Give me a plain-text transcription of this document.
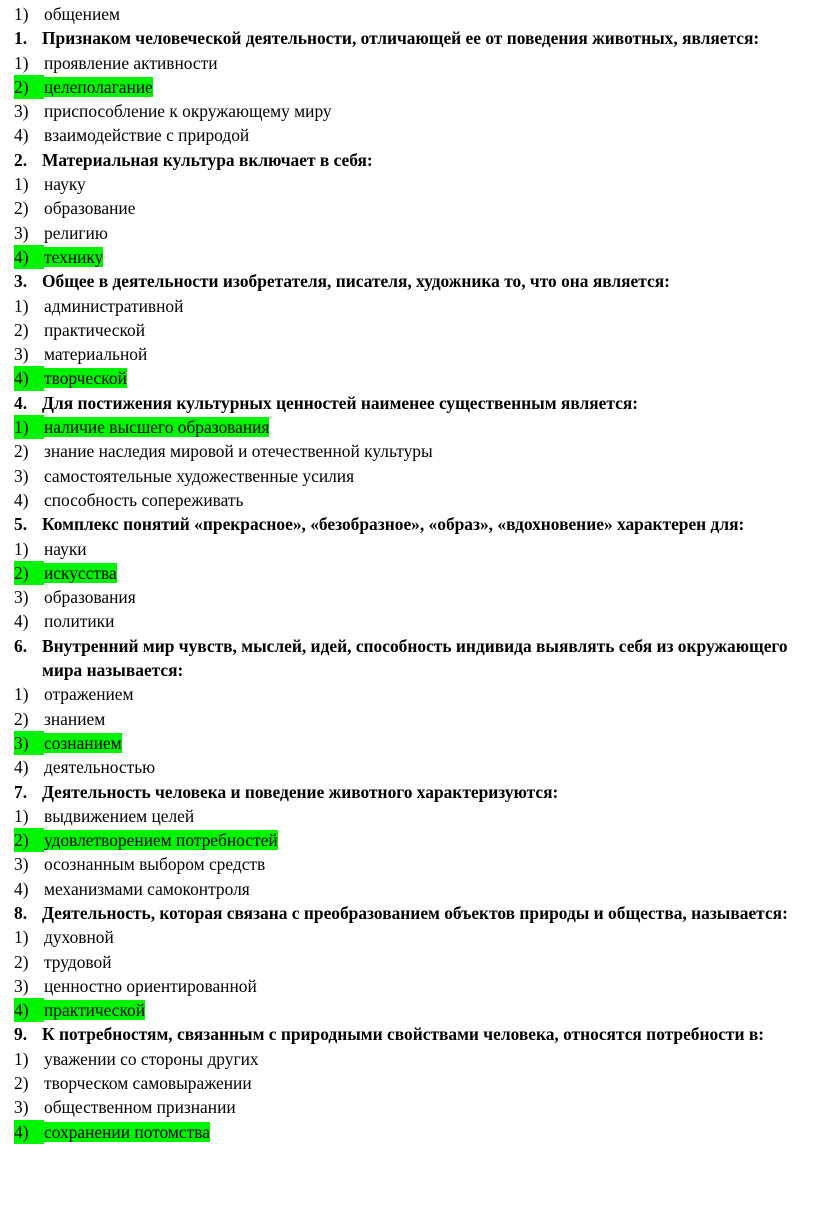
1) общением
1. Признаком человеческой деятельности, отличающей ее от поведения животных, является:
1) проявление активности
2) целеполагание
3) приспособление к окружающему миру
4) взаимодействие с природой
2. Материальная культура включает в себя:
1) науку
2) образование
3) религию
4) технику
3. Общее в деятельности изобретателя, писателя, художника то, что она является:
1) административной
2) практической
3) материальной
4) творческой
4. Для постижения культурных ценностей наименее существенным является:
1) наличие высшего образования
2) знание наследия мировой и отечественной культуры
3) самостоятельные художественные усилия
4) способность сопереживать
5. Комплекс понятий «прекрасное», «безобразное», «образ», «вдохновение» характерен для:
1) науки
2) искусства
3) образования
4) политики
6. Внутренний мир чувств, мыслей, идей, способность индивида выявлять себя из окружающего мира называется:
1) отражением
2) знанием
3) сознанием
4) деятельностью
7. Деятельность человека и поведение животного характеризуются:
1) выдвижением целей
2) удовлетворением потребностей
3) осознанным выбором средств
4) механизмами самоконтроля
8. Деятельность, которая связана с преобразованием объектов природы и общества, называется:
1) духовной
2) трудовой
3) ценностно ориентированной
4) практической
9. К потребностям, связанным с природными свойствами человека, относятся потребности в:
1) уважении со стороны других
2) творческом самовыражении
3) общественном признании
4) сохранении потомства
